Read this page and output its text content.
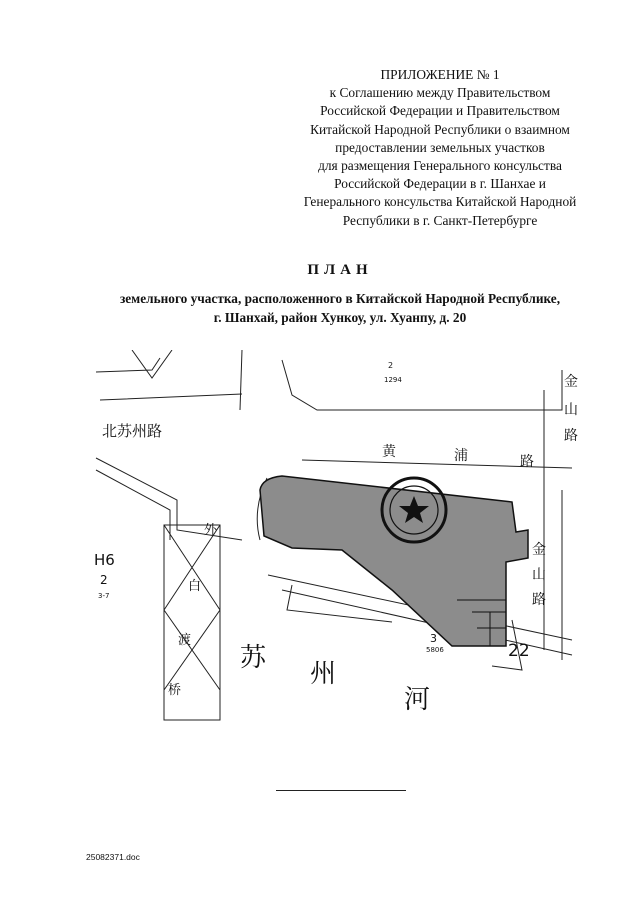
ПРИЛОЖЕНИЕ № 1
к Соглашению между Правительством
Российской Федерации и Правительством
Китайской Народной Республики о взаимном
предоставлении земельных участков
для размещения Генерального консульства
Российской Федерации в г. Шанхае и
Генерального консульства Китайской Народной
Республики в г. Санкт-Петербурге
ПЛАН
земельного участка, расположенного в Китайской Народной Республике,
г. Шанхай, район Хункоу, ул. Хуанпу, д. 20
北苏州路
黄	浦	路
金
山
路
金
山
路
外
白
渡
桥
苏
州
河
H6
2
3-7
2
1294
3
5806	22
25082371.doc
